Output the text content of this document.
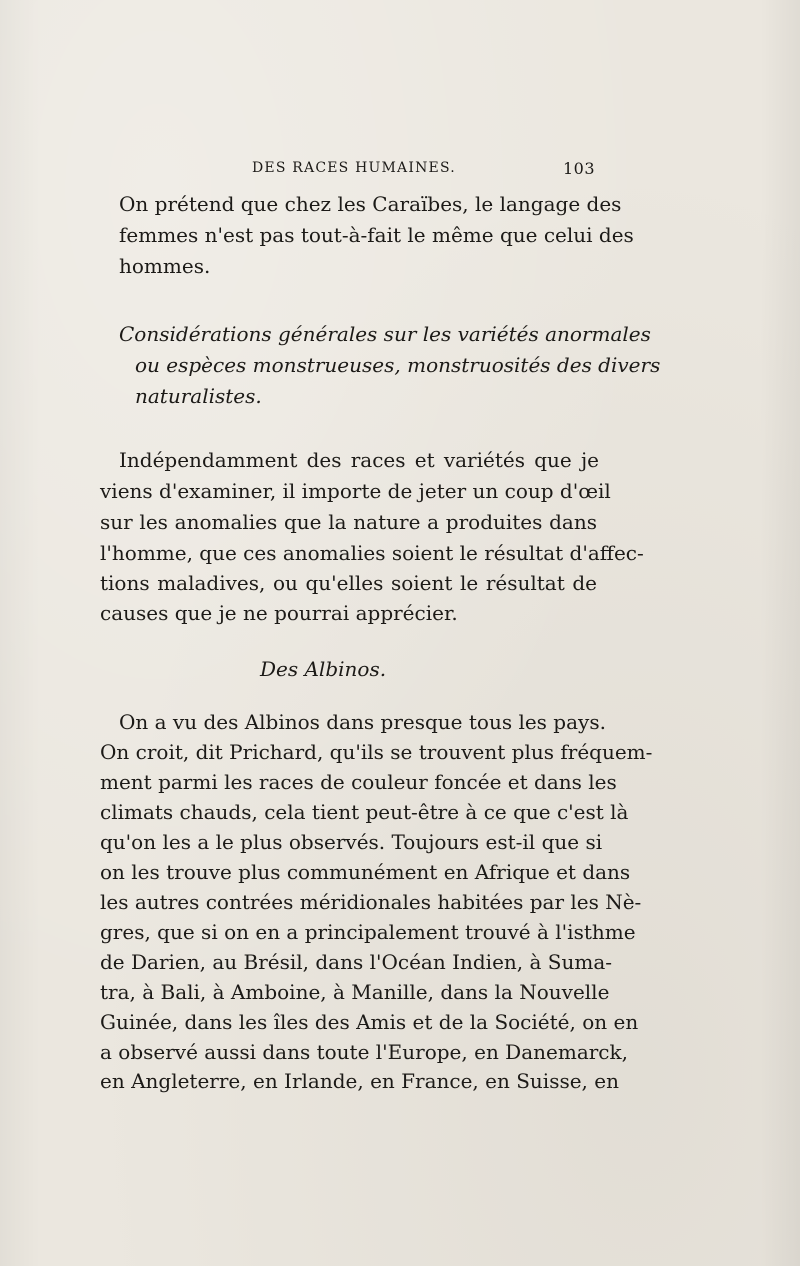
DES RACES HUMAINES.	103
On prétend que chez les Caraïbes, le langage des
femmes n'est pas tout-à-fait le même que celui des
hommes.
Considérations générales sur les variétés anormales
ou espèces monstrueuses, monstruosités des divers
naturalistes.
Indépendamment des races et variétés que je
viens d'examiner, il importe de jeter un coup d'œil
sur les anomalies que la nature a produites dans
l'homme, que ces anomalies soient le résultat d'affec-
tions maladives, ou qu'elles soient le résultat de
causes que je ne pourrai apprécier.
Des Albinos.
On a vu des Albinos dans presque tous les pays.
On croit, dit Prichard, qu'ils se trouvent plus fréquem-
ment parmi les races de couleur foncée et dans les
climats chauds, cela tient peut-être à ce que c'est là
qu'on les a le plus observés. Toujours est-il que si
on les trouve plus communément en Afrique et dans
les autres contrées méridionales habitées par les Nè-
gres, que si on en a principalement trouvé à l'isthme
de Darien, au Brésil, dans l'Océan Indien, à Suma-
tra, à Bali, à Amboine, à Manille, dans la Nouvelle
Guinée, dans les îles des Amis et de la Société, on en
a observé aussi dans toute l'Europe, en Danemarck,
en Angleterre, en Irlande, en France, en Suisse, en
